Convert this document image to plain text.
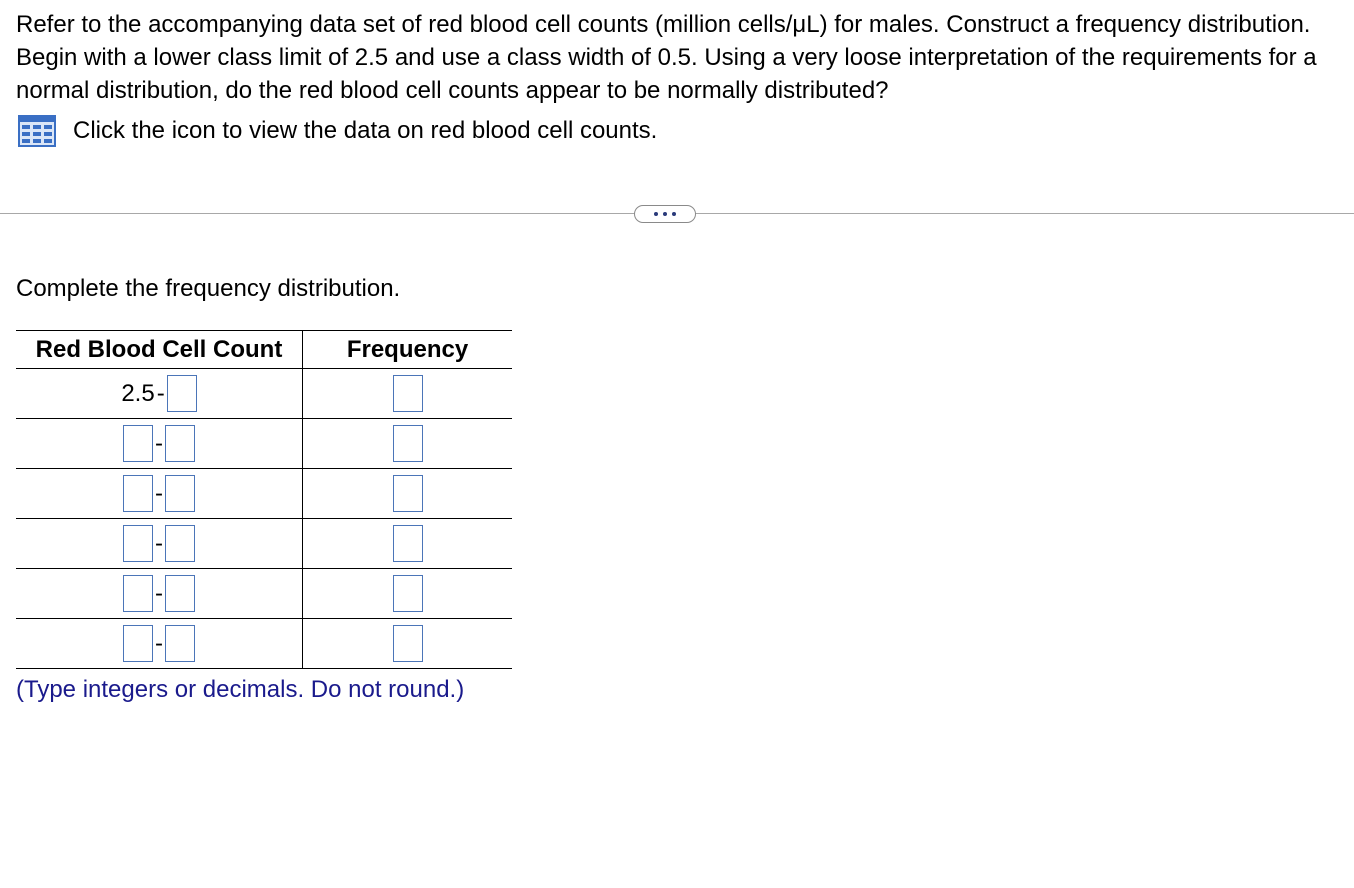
Refer to the accompanying data set of red blood cell counts (million cells/μL) for males. Construct a frequency distribution. Begin with a lower class limit of 2.5 and use a class width of 0.5. Using a very loose interpretation of the requirements for a normal distribution, do the red blood cell counts appear to be normally distributed?

Click the icon to view the data on red blood cell counts.

Complete the frequency distribution.

Red Blood Cell Count	Frequency

2.5 -

-

-

-

-

-

(Type integers or decimals. Do not round.)
